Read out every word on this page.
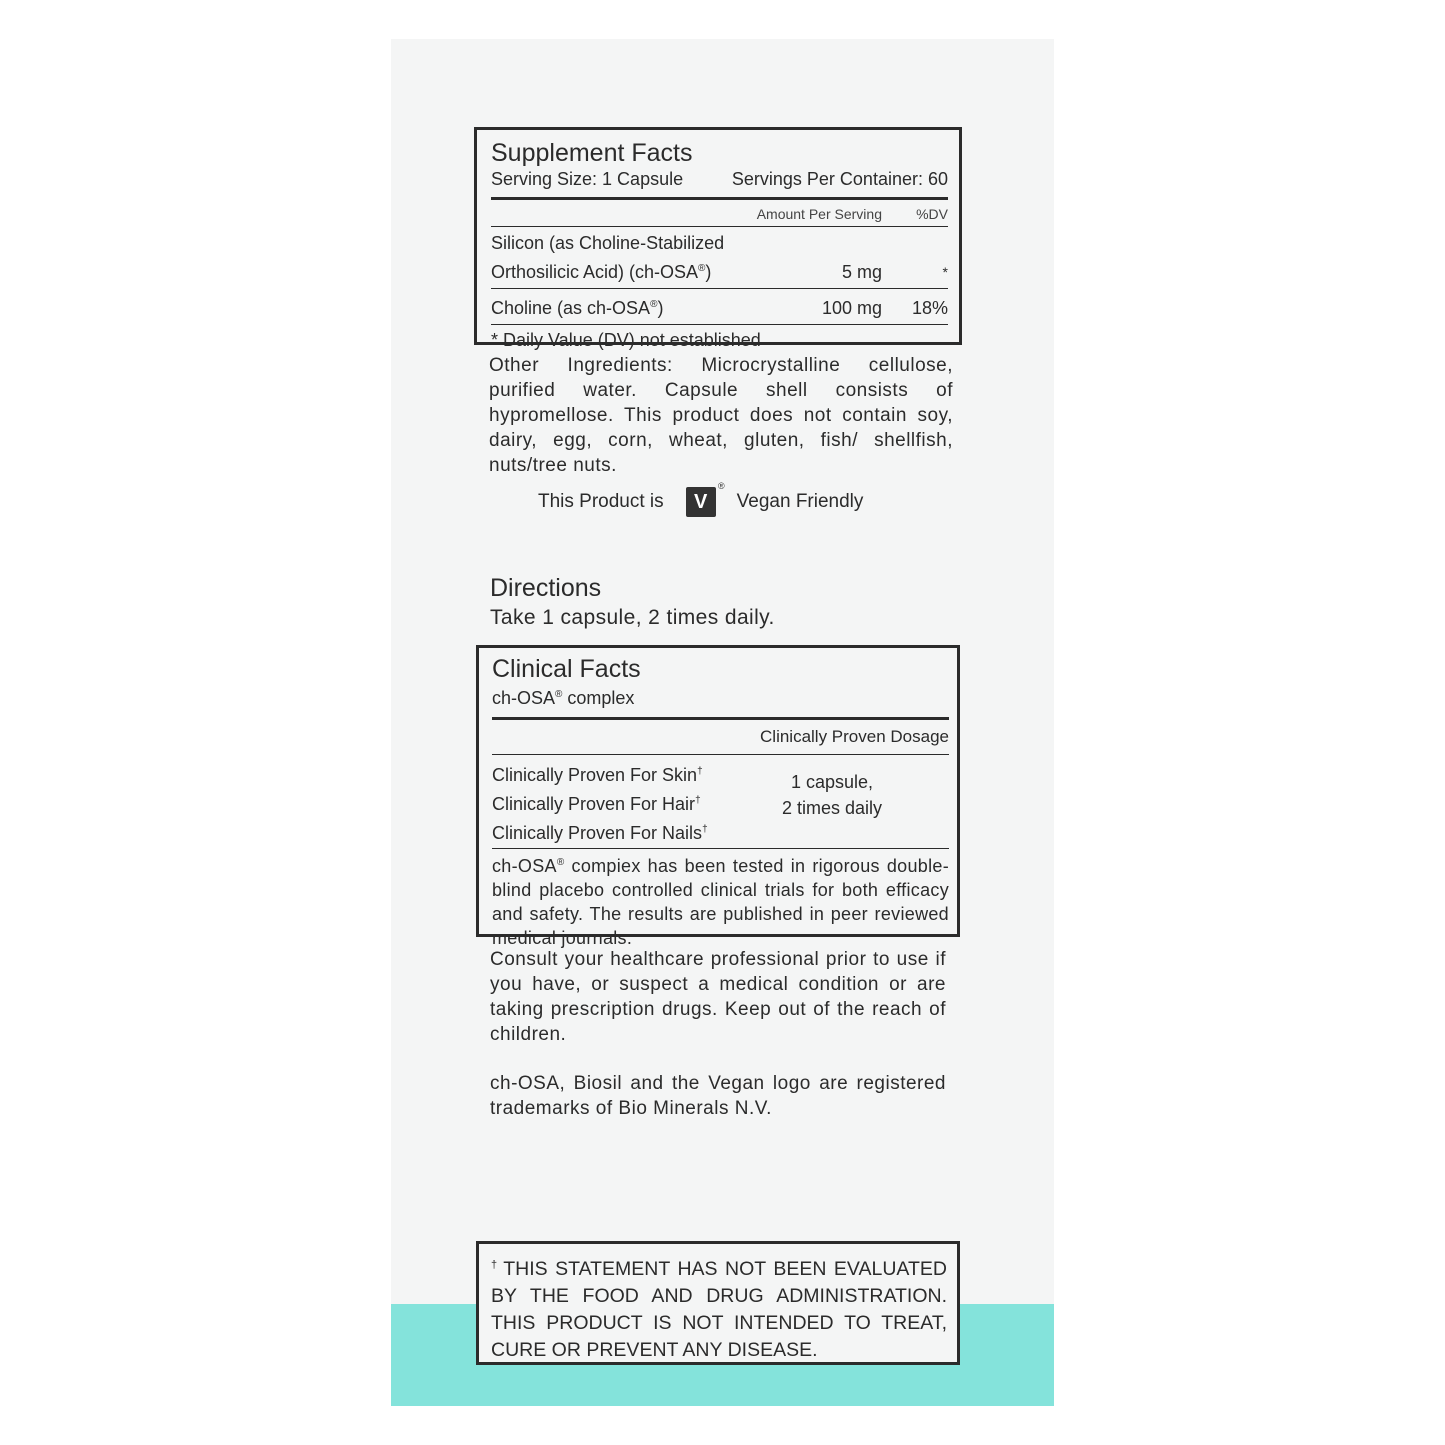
Supplement Facts
Serving Size: 1 Capsule	Servings Per Container: 60
Amount Per Serving	%DV
Silicon (as Choline-Stabilized
Orthosilicic Acid) (ch-OSA®)	5 mg	*
Choline (as ch-OSA®)	100 mg	18%
* Daily Value (DV) not established
Other Ingredients: Microcrystalline cellulose, purified water. Capsule shell consists of hypromellose. This product does not contain soy, dairy, egg, corn, wheat, gluten, fish/ shellfish, nuts/tree nuts.
This Product is	V ®	Vegan Friendly
Directions
Take 1 capsule, 2 times daily.
Clinical Facts
ch-OSA® complex
Clinically Proven Dosage
Clinically Proven For Skin†
Clinically Proven For Hair†
Clinically Proven For Nails†
1 capsule,
2 times daily
ch-OSA® compiex has been tested in rigorous double-blind placebo controlled clinical trials for both efficacy and safety. The results are published in peer reviewed medical journals.
Consult your healthcare professional prior to use if you have, or suspect a medical condition or are taking prescription drugs. Keep out of the reach of children.
ch-OSA, Biosil and the Vegan logo are registered trademarks of Bio Minerals N.V.
† THIS STATEMENT HAS NOT BEEN EVALUATED BY THE FOOD AND DRUG ADMINISTRATION. THIS PRODUCT IS NOT INTENDED TO TREAT, CURE OR PREVENT ANY DISEASE.
